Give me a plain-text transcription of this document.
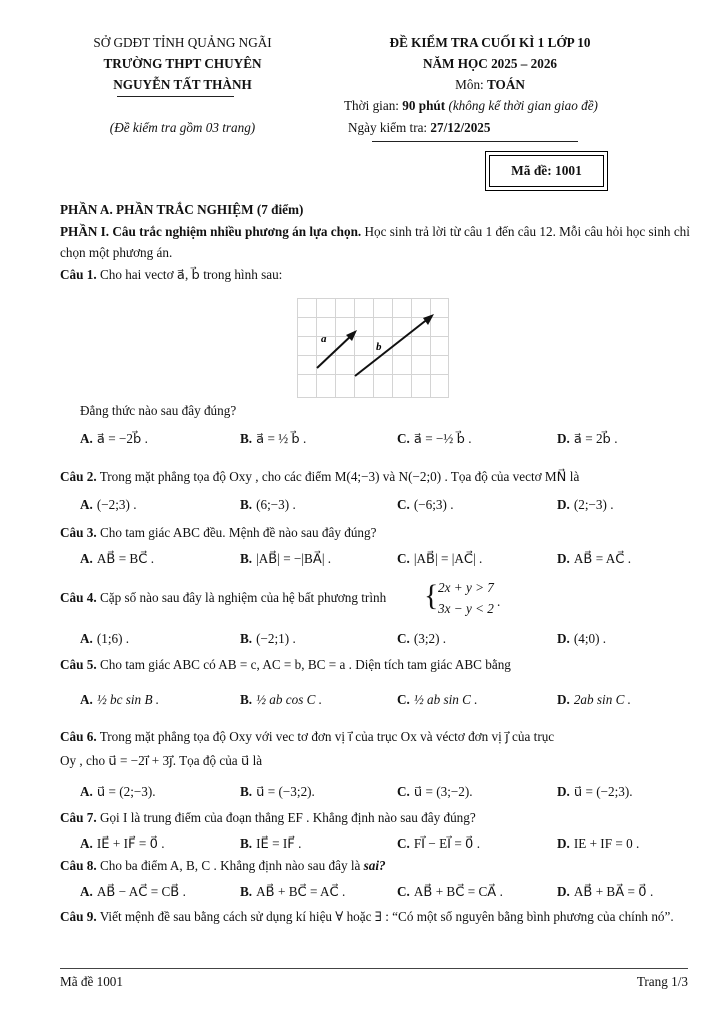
SỞ GDĐT TỈNH QUẢNG NGÃI
TRƯỜNG THPT CHUYÊN
NGUYỄN TẤT THÀNH
(Đề kiểm tra gồm 03 trang)
ĐỀ KIỂM TRA CUỐI KÌ 1 LỚP 10
NĂM HỌC 2025 – 2026
Môn: TOÁN
Thời gian: 90 phút (không kể thời gian giao đề)
Ngày kiểm tra: 27/12/2025
Mã đề: 1001
PHẦN A. PHẦN TRẮC NGHIỆM (7 điểm)
PHẦN I. Câu trắc nghiệm nhiều phương án lựa chọn. Học sinh trả lời từ câu 1 đến câu 12. Mỗi câu hỏi học sinh chỉ chọn một phương án.
Câu 1. Cho hai vectơ a⃗, b⃗ trong hình sau:
a⃗
b⃗
Đẳng thức nào sau đây đúng?
A. a⃗ = −2b⃗ .	B. a⃗ = ½ b⃗ .	C. a⃗ = −½ b⃗ .	D. a⃗ = 2b⃗ .
Câu 2. Trong mặt phẳng tọa độ Oxy , cho các điểm M(4;−3) và N(−2;0) . Tọa độ của vectơ MN⃗ là
A. (−2;3) .	B. (6;−3) .	C. (−6;3) .	D. (2;−3) .
Câu 3. Cho tam giác ABC đều. Mệnh đề nào sau đây đúng?
A. AB⃗ = BC⃗ .	B. |AB⃗| = −|BA⃗| .	C. |AB⃗| = |AC⃗| .	D. AB⃗ = AC⃗ .
Câu 4. Cặp số nào sau đây là nghiệm của hệ bất phương trình { 2x + y > 7
3x − y < 2 .
A. (1;6) .	B. (−2;1) .	C. (3;2) .	D. (4;0) .
Câu 5. Cho tam giác ABC có AB = c, AC = b, BC = a . Diện tích tam giác ABC bằng
A. ½ bc sin B .	B. ½ ab cos C .	C. ½ ab sin C .	D. 2ab sin C .
Câu 6. Trong mặt phẳng tọa độ Oxy với vec tơ đơn vị i⃗ của trục Ox và véctơ đơn vị j⃗ của trục
Oy , cho u⃗ = −2i⃗ + 3j⃗. Tọa độ của u⃗ là
A. u⃗ = (2;−3).	B. u⃗ = (−3;2).	C. u⃗ = (3;−2).	D. u⃗ = (−2;3).
Câu 7. Gọi I là trung điểm của đoạn thẳng EF . Khẳng định nào sau đây đúng?
A. IE⃗ + IF⃗ = 0⃗ .	B. IE⃗ = IF⃗ .	C. FI⃗ − EI⃗ = 0⃗ .	D. IE + IF = 0 .
Câu 8. Cho ba điểm A, B, C . Khẳng định nào sau đây là sai?
A. AB⃗ − AC⃗ = CB⃗ .	B. AB⃗ + BC⃗ = AC⃗ .	C. AB⃗ + BC⃗ = CA⃗ .	D. AB⃗ + BA⃗ = 0⃗ .
Câu 9. Viết mệnh đề sau bằng cách sử dụng kí hiệu ∀ hoặc ∃ : “Có một số nguyên bằng bình phương của chính nó”.
Mã đề 1001	Trang 1/3
